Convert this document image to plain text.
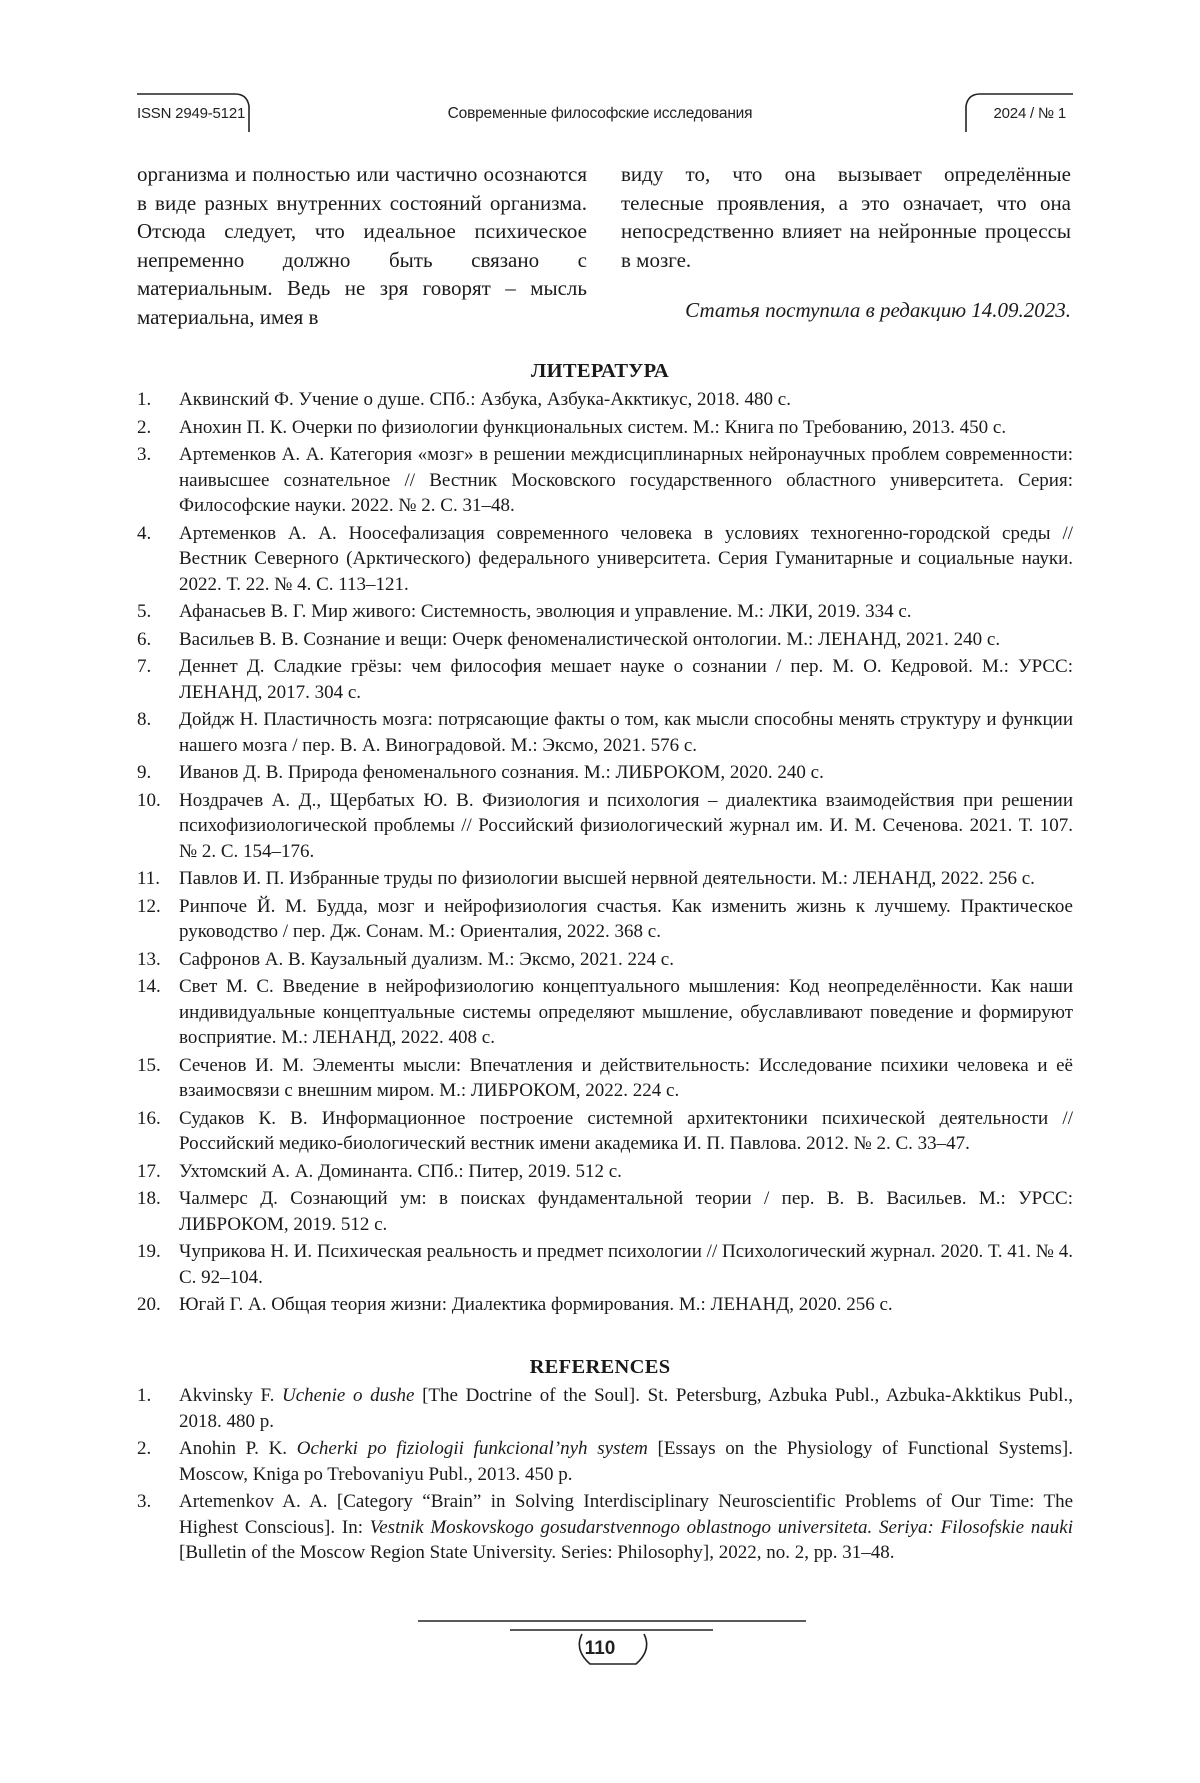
ISSN 2949-5121	Современные философские исследования	2024 / № 1
организма и полностью или частично осознаются в виде разных внутренних состояний организма. Отсюда следует, что идеальное психическое непременно должно быть связано с материальным. Ведь не зря говорят – мысль материальна, имея в
виду то, что она вызывает определённые телесные проявления, а это означает, что она непосредственно влияет на нейронные процессы в мозге.
Статья поступила в редакцию 14.09.2023.
ЛИТЕРАТУРА
1. Аквинский Ф. Учение о душе. СПб.: Азбука, Азбука-Акктикус, 2018. 480 с.
2. Анохин П. К. Очерки по физиологии функциональных систем. М.: Книга по Требованию, 2013. 450 с.
3. Артеменков А. А. Категория «мозг» в решении междисциплинарных нейронаучных проблем современности: наивысшее сознательное // Вестник Московского государственного областного университета. Серия: Философские науки. 2022. № 2. С. 31–48.
4. Артеменков А. А. Ноосефализация современного человека в условиях техногенно-городской среды // Вестник Северного (Арктического) федерального университета. Серия Гуманитарные и социальные науки. 2022. Т. 22. № 4. С. 113–121.
5. Афанасьев В. Г. Мир живого: Системность, эволюция и управление. М.: ЛКИ, 2019. 334 с.
6. Васильев В. В. Сознание и вещи: Очерк феноменалистической онтологии. М.: ЛЕНАНД, 2021. 240 с.
7. Деннет Д. Сладкие грёзы: чем философия мешает науке о сознании / пер. М. О. Кедровой. М.: УРСС: ЛЕНАНД, 2017. 304 с.
8. Дойдж Н. Пластичность мозга: потрясающие факты о том, как мысли способны менять структуру и функции нашего мозга / пер. В. А. Виноградовой. М.: Эксмо, 2021. 576 с.
9. Иванов Д. В. Природа феноменального сознания. М.: ЛИБРОКОМ, 2020. 240 с.
10. Ноздрачев А. Д., Щербатых Ю. В. Физиология и психология – диалектика взаимодействия при решении психофизиологической проблемы // Российский физиологический журнал им. И. М. Сеченова. 2021. Т. 107. № 2. С. 154–176.
11. Павлов И. П. Избранные труды по физиологии высшей нервной деятельности. М.: ЛЕНАНД, 2022. 256 с.
12. Ринпоче Й. М. Будда, мозг и нейрофизиология счастья. Как изменить жизнь к лучшему. Практическое руководство / пер. Дж. Сонам. М.: Ориенталия, 2022. 368 с.
13. Сафронов А. В. Каузальный дуализм. М.: Эксмо, 2021. 224 с.
14. Свет М. С. Введение в нейрофизиологию концептуального мышления: Код неопределённости. Как наши индивидуальные концептуальные системы определяют мышление, обуславливают поведение и формируют восприятие. М.: ЛЕНАНД, 2022. 408 с.
15. Сеченов И. М. Элементы мысли: Впечатления и действительность: Исследование психики человека и её взаимосвязи с внешним миром. М.: ЛИБРОКОМ, 2022. 224 с.
16. Судаков К. В. Информационное построение системной архитектоники психической деятельности // Российский медико-биологический вестник имени академика И. П. Павлова. 2012. № 2. С. 33–47.
17. Ухтомский А. А. Доминанта. СПб.: Питер, 2019. 512 с.
18. Чалмерс Д. Сознающий ум: в поисках фундаментальной теории / пер. В. В. Васильев. М.: УРСС: ЛИБРОКОМ, 2019. 512 с.
19. Чуприкова Н. И. Психическая реальность и предмет психологии // Психологический журнал. 2020. Т. 41. № 4. С. 92–104.
20. Югай Г. А. Общая теория жизни: Диалектика формирования. М.: ЛЕНАНД, 2020. 256 с.
REFERENCES
1. Akvinsky F. Uchenie o dushe [The Doctrine of the Soul]. St. Petersburg, Azbuka Publ., Azbuka-Akktikus Publ., 2018. 480 p.
2. Anohin P. K. Ocherki po fiziologii funkcional’nyh system [Essays on the Physiology of Functional Systems]. Moscow, Kniga po Trebovaniyu Publ., 2013. 450 p.
3. Artemenkov A. A. [Category “Brain” in Solving Interdisciplinary Neuroscientific Problems of Our Time: The Highest Conscious]. In: Vestnik Moskovskogo gosudarstvennogo oblastnogo universiteta. Seriya: Filosofskie nauki [Bulletin of the Moscow Region State University. Series: Philosophy], 2022, no. 2, pp. 31–48.
110
